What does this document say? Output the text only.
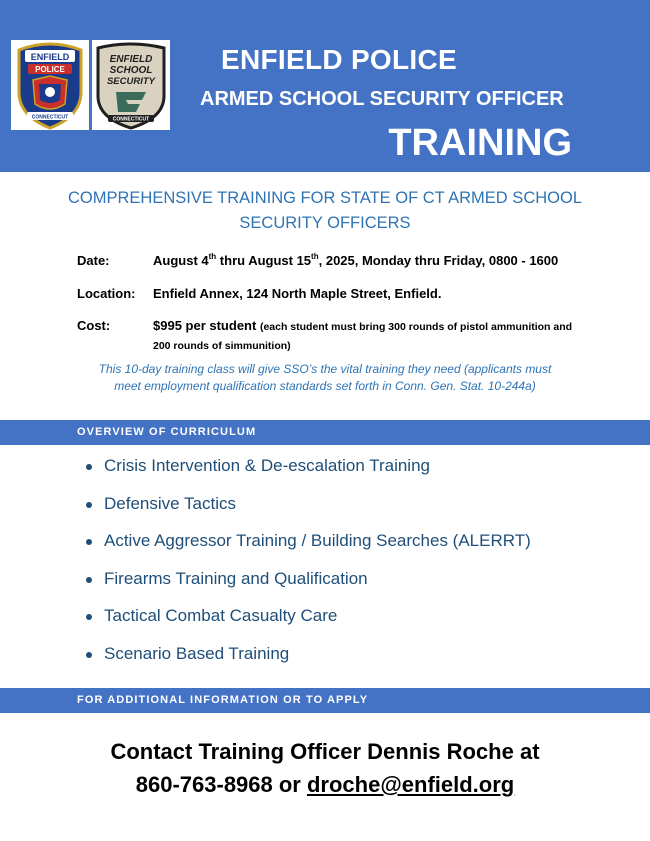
ENFIELD
POLICE
CONNECTICUT
ENFIELD
SCHOOL
SECURITY
CONNECTICUT
ENFIELD POLICE
ARMED SCHOOL SECURITY OFFICER
TRAINING
COMPREHENSIVE TRAINING FOR STATE OF CT ARMED SCHOOL
SECURITY OFFICERS
Date:	August 4th thru August 15th, 2025, Monday thru Friday, 0800 - 1600
Location: Enfield Annex, 124 North Maple Street, Enfield.
Cost:	$995 per student (each student must bring 300 rounds of pistol ammunition and 200 rounds of simmunition)
This 10-day training class will give SSO’s the vital training they need (applicants must
meet employment qualification standards set forth in Conn. Gen. Stat. 10-244a)
OVERVIEW OF CURRICULUM
Crisis Intervention & De-escalation Training
Defensive Tactics
Active Aggressor Training / Building Searches (ALERRT)
Firearms Training and Qualification
Tactical Combat Casualty Care
Scenario Based Training
FOR ADDITIONAL INFORMATION OR TO APPLY
Contact Training Officer Dennis Roche at
860-763-8968 or droche@enfield.org
